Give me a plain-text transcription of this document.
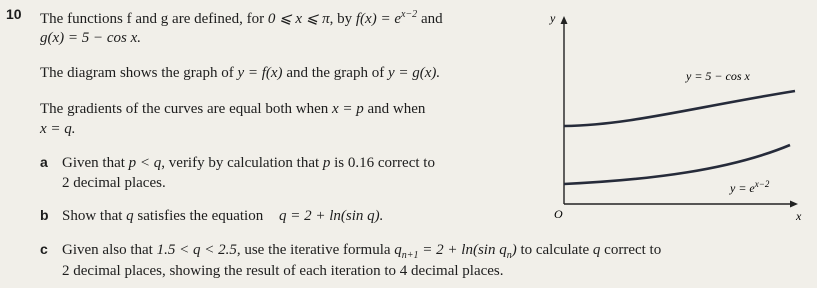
10 The functions f and g are defined, for 0 ⩽ x ⩽ π, by $f(x) = e^{x-2}$ and
g(x) = 5 − cos x.
The diagram shows the graph of y = f(x) and the graph of y = g(x).
The gradients of the curves are equal both when x = p and when
x = q.
a Given that p < q, verify by calculation that p is 0.16 correct to
2 decimal places.
b Show that q satisfies the equation q = 2 + ln(sin q).
c Given also that 1.5 < q < 2.5, use the iterative formula $q_{n+1} = 2 + \ln(\sin$ $q_n$) to calculate q correct to
2 decimal places, showing the result of each iteration to 4 decimal places.
y
x
O
y = 5 − cos x
$y = e^{x-2}$
